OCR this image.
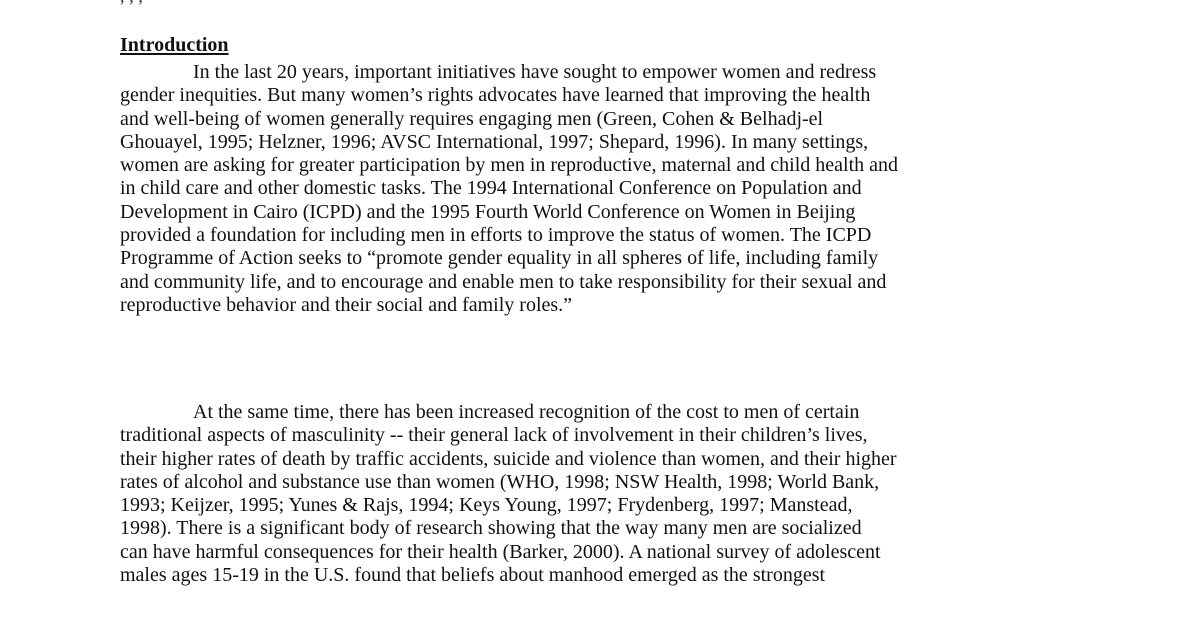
Introduction
In the last 20 years, important initiatives have sought to empower women and redress
gender inequities. But many women’s rights advocates have learned that improving the health
and well-being of women generally requires engaging men (Green, Cohen & Belhadj-el
Ghouayel, 1995; Helzner, 1996; AVSC International, 1997; Shepard, 1996). In many settings,
women are asking for greater participation by men in reproductive, maternal and child health and
in child care and other domestic tasks. The 1994 International Conference on Population and
Development in Cairo (ICPD) and the 1995 Fourth World Conference on Women in Beijing
provided a foundation for including men in efforts to improve the status of women. The ICPD
Programme of Action seeks to “promote gender equality in all spheres of life, including family
and community life, and to encourage and enable men to take responsibility for their sexual and
reproductive behavior and their social and family roles.”
At the same time, there has been increased recognition of the cost to men of certain
traditional aspects of masculinity -- their general lack of involvement in their children’s lives,
their higher rates of death by traffic accidents, suicide and violence than women, and their higher
rates of alcohol and substance use than women (WHO, 1998; NSW Health, 1998; World Bank,
1993; Keijzer, 1995; Yunes & Rajs, 1994; Keys Young, 1997; Frydenberg, 1997; Manstead,
1998). There is a significant body of research showing that the way many men are socialized
can have harmful consequences for their health (Barker, 2000). A national survey of adolescent
males ages 15-19 in the U.S. found that beliefs about manhood emerged as the strongest
